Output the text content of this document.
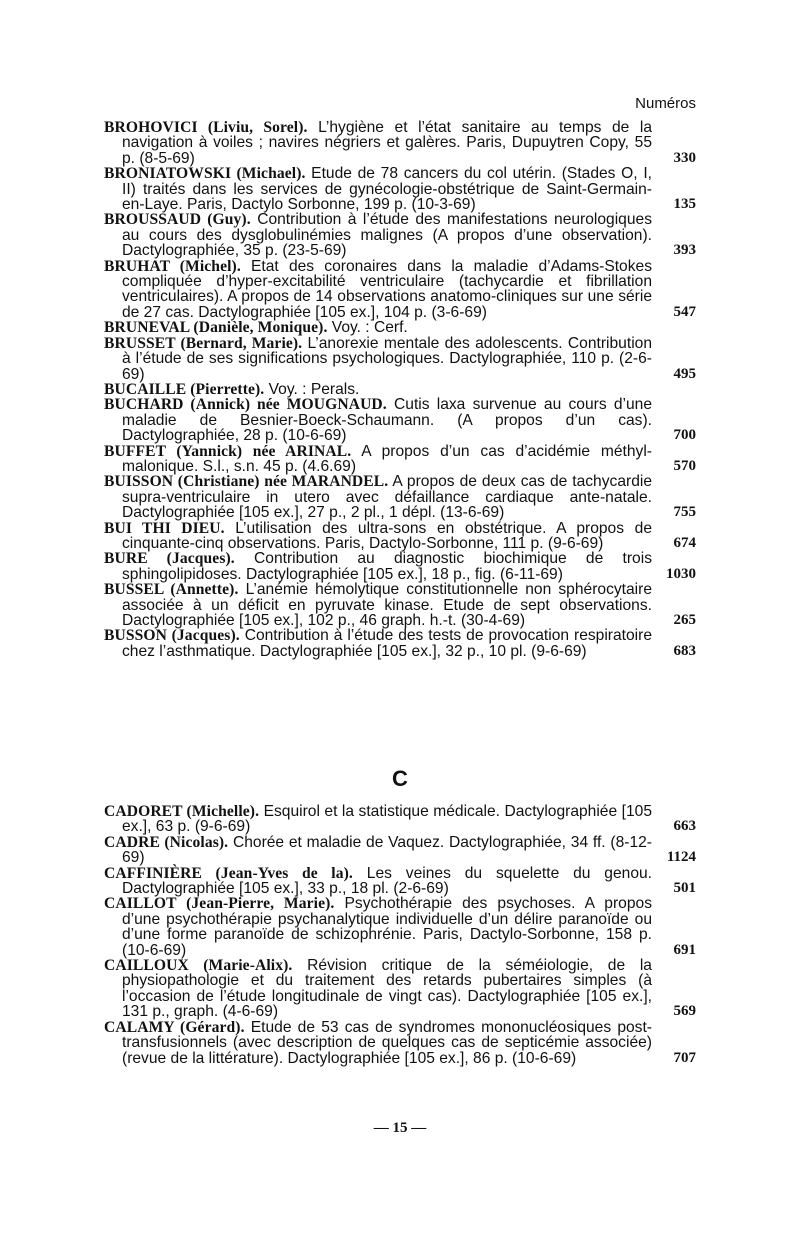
Numéros
BROHOVICI (Liviu, Sorel). L’hygiène et l’état sanitaire au temps de la navigation à voiles ; navires négriers et galères. Paris, Dupuytren Copy, 55 p. (8-5-69)	330
BRONIATOWSKI (Michael). Etude de 78 cancers du col utérin. (Stades O, I, II) traités dans les services de gynécologie-obstétrique de Saint-Germain-en-Laye. Paris, Dactylo Sorbonne, 199 p. (10-3-69)	135
BROUSSAUD (Guy). Contribution à l’étude des manifestations neurologiques au cours des dysglobulinémies malignes (A propos d’une observation). Dactylographiée, 35 p. (23-5-69)	393
BRUHAT (Michel). Etat des coronaires dans la maladie d’Adams-Stokes compliquée d’hyper-excitabilité ventriculaire (tachycardie et fibrillation ventriculaires). A propos de 14 observations anatomo-cliniques sur une série de 27 cas. Dactylographiée [105 ex.], 104 p. (3-6-69)	547
BRUNEVAL (Danièle, Monique). Voy. : Cerf.
BRUSSET (Bernard, Marie). L’anorexie mentale des adolescents. Contribution à l’étude de ses significations psychologiques. Dactylographiée, 110 p. (2-6-69)	495
BUCAILLE (Pierrette). Voy. : Perals.
BUCHARD (Annick) née MOUGNAUD. Cutis laxa survenue au cours d’une maladie de Besnier-Boeck-Schaumann. (A propos d’un cas). Dactylographiée, 28 p. (10-6-69)	700
BUFFET (Yannick) née ARINAL. A propos d’un cas d’acidémie méthyl-malonique. S.l., s.n. 45 p. (4.6.69)	570
BUISSON (Christiane) née MARANDEL. A propos de deux cas de tachycardie supra-ventriculaire in utero avec défaillance cardiaque ante-natale. Dactylographiée [105 ex.], 27 p., 2 pl., 1 dépl. (13-6-69)	755
BUI THI DIEU. L’utilisation des ultra-sons en obstétrique. A propos de cinquante-cinq observations. Paris, Dactylo-Sorbonne, 111 p. (9-6-69)	674
BURE (Jacques). Contribution au diagnostic biochimique de trois sphingolipidoses. Dactylographiée [105 ex.], 18 p., fig. (6-11-69)	1030
BUSSEL (Annette). L’anémie hémolytique constitutionnelle non sphérocytaire associée à un déficit en pyruvate kinase. Etude de sept observations. Dactylographiée [105 ex.], 102 p., 46 graph. h.-t. (30-4-69)	265
BUSSON (Jacques). Contribution à l’étude des tests de provocation respiratoire chez l’asthmatique. Dactylographiée [105 ex.], 32 p., 10 pl. (9-6-69)	683
C
CADORET (Michelle). Esquirol et la statistique médicale. Dactylographiée [105 ex.], 63 p. (9-6-69)	663
CADRE (Nicolas). Chorée et maladie de Vaquez. Dactylographiée, 34 ff. (8-12-69)	1124
CAFFINIÈRE (Jean-Yves de la). Les veines du squelette du genou. Dactylographiée [105 ex.], 33 p., 18 pl. (2-6-69)	501
CAILLOT (Jean-Pierre, Marie). Psychothérapie des psychoses. A propos d’une psychothérapie psychanalytique individuelle d’un délire paranoïde ou d’une forme paranoïde de schizophrénie. Paris, Dactylo-Sorbonne, 158 p. (10-6-69)	691
CAILLOUX (Marie-Alix). Révision critique de la séméiologie, de la physiopathologie et du traitement des retards pubertaires simples (à l’occasion de l’étude longitudinale de vingt cas). Dactylographiée [105 ex.], 131 p., graph. (4-6-69)	569
CALAMY (Gérard). Etude de 53 cas de syndromes mononucléosiques post-transfusionnels (avec description de quelques cas de septicémie associée) (revue de la littérature). Dactylographiée [105 ex.], 86 p. (10-6-69)	707
— 15 —
